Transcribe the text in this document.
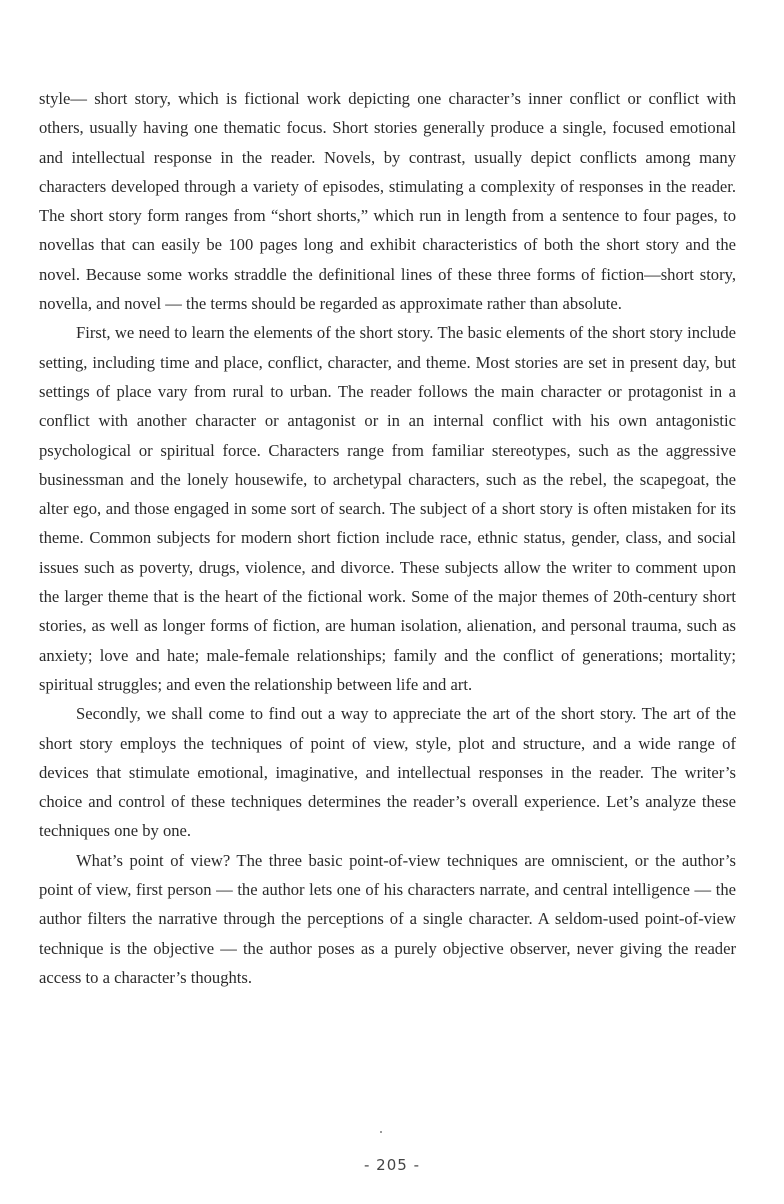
style— short story, which is fictional work depicting one character’s inner conflict or conflict with others, usually having one thematic focus. Short stories generally produce a single, focused emotional and intellectual response in the reader. Novels, by contrast, usually depict conflicts among many characters developed through a variety of episodes, stimulating a complexity of responses in the reader. The short story form ranges from “short shorts,” which run in length from a sentence to four pages, to novellas that can easily be 100 pages long and exhibit characteristics of both the short story and the novel. Because some works straddle the definitional lines of these three forms of fiction—short story, novella, and novel — the terms should be regarded as approximate rather than absolute.

First, we need to learn the elements of the short story. The basic elements of the short story include setting, including time and place, conflict, character, and theme. Most stories are set in present day, but settings of place vary from rural to urban. The reader follows the main character or protagonist in a conflict with another character or antagonist or in an internal conflict with his own antagonistic psychological or spiritual force. Characters range from familiar stereotypes, such as the aggressive businessman and the lonely housewife, to archetypal characters, such as the rebel, the scapegoat, the alter ego, and those engaged in some sort of search. The subject of a short story is often mistaken for its theme. Common subjects for modern short fiction include race, ethnic status, gender, class, and social issues such as poverty, drugs, violence, and divorce. These subjects allow the writer to comment upon the larger theme that is the heart of the fictional work. Some of the major themes of 20th-century short stories, as well as longer forms of fiction, are human isolation, alienation, and personal trauma, such as anxiety; love and hate; male-female relationships; family and the conflict of generations; mortality; spiritual struggles; and even the relationship between life and art.

Secondly, we shall come to find out a way to appreciate the art of the short story. The art of the short story employs the techniques of point of view, style, plot and structure, and a wide range of devices that stimulate emotional, imaginative, and intellectual responses in the reader. The writer’s choice and control of these techniques determines the reader’s overall experience. Let’s analyze these techniques one by one.

What’s point of view? The three basic point-of-view techniques are omniscient, or the author’s point of view, first person — the author lets one of his characters narrate, and central intelligence — the author filters the narrative through the perceptions of a single character. A seldom-used point-of-view technique is the objective — the author poses as a purely objective observer, never giving the reader access to a character’s thoughts.

- 205 -
